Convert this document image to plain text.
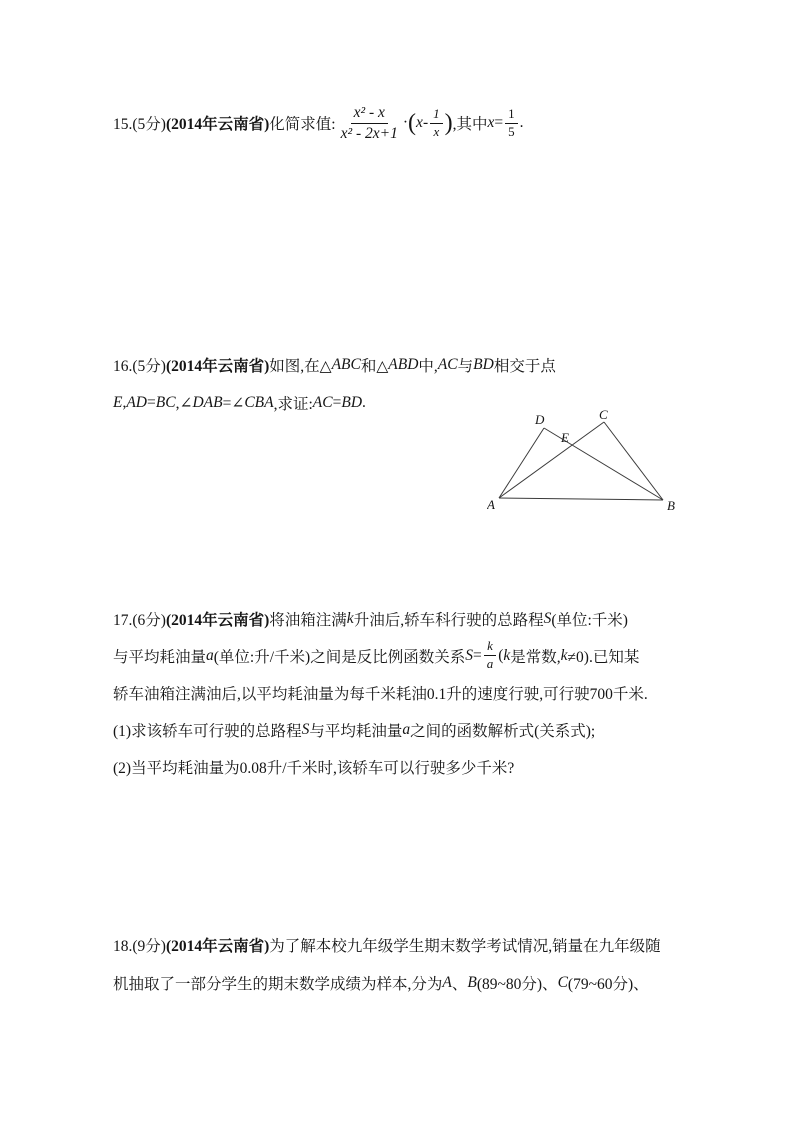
15.(5分) (2014年云南省) 化简求值: $\frac{\text{x² - x}}{\text{x² - 2x+1}}$ · ( x - $\frac{1}{x}$ ) ,其中 $x = \frac{1}{5}$ .
16.(5分) (2014年云南省) 如图,在△ ABC 和△ ABD 中, AC 与 BD 相交于点
E , AD = BC ,∠ DAB =∠ CBA ,求证: AC = BD .
A	B
C
D
E
17.(6分) (2014年云南省) 将油箱注满 k 升油后,轿车科行驶的总路程 S (单位:千米)
与平均耗油量 a (单位:升/千米)之间是反比例函数关系 $S = \frac{k}{a}$ ( k 是常数, k ≠0).已知某
轿车油箱注满油后,以平均耗油量为每千米耗油0.1升的速度行驶,可行驶700千米.
(1)求该轿车可行驶的总路程 S 与平均耗油量 a 之间的函数解析式(关系式);
(2)当平均耗油量为0.08升/千米时,该轿车可以行驶多少千米?
18.(9分) (2014年云南省) 为了解本校九年级学生期末数学考试情况,销量在九年级随
机抽取了一部分学生的期末数学成绩为样本,分为 A 、 B (89~80分)、 C (79~60分)、
